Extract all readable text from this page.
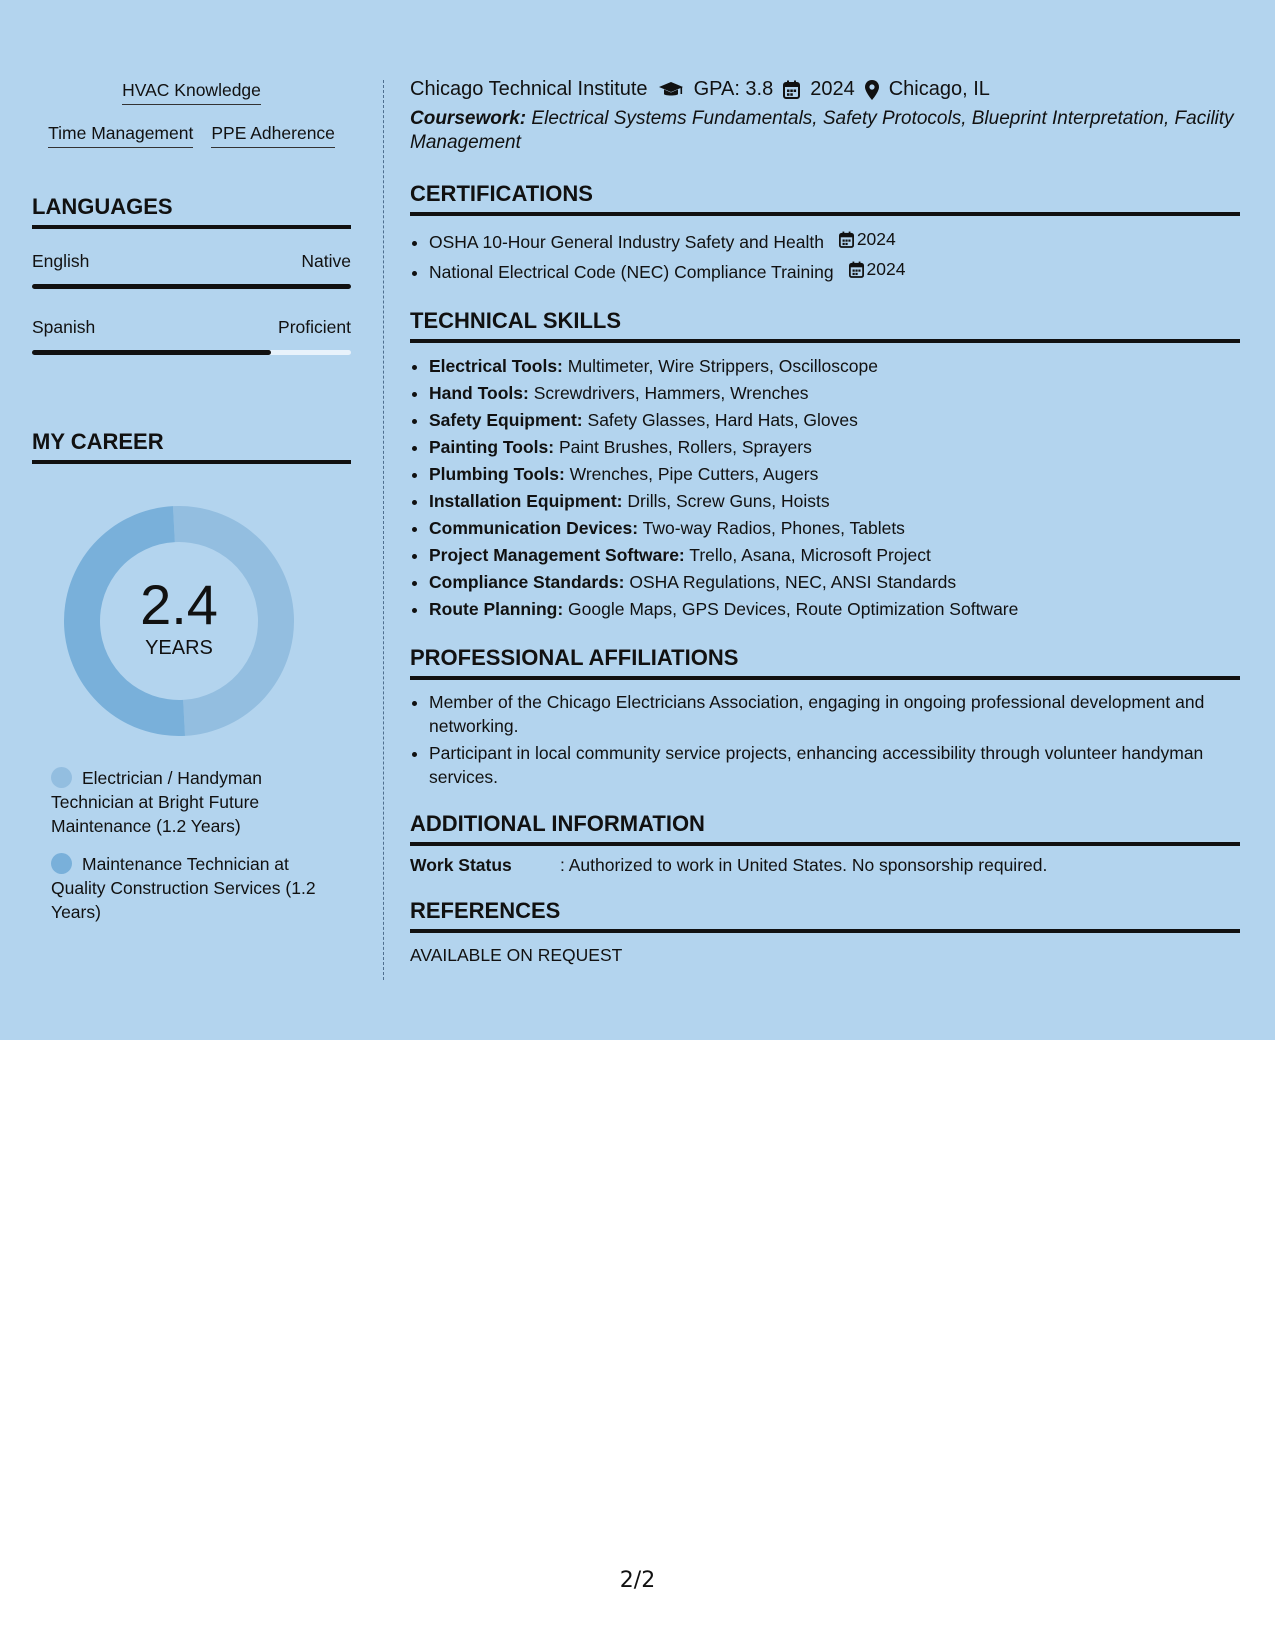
HVAC Knowledge
Time Management PPE Adherence
LANGUAGES
English	Native
Spanish	Proficient
MY CAREER
2.4
YEARS
Electrician / Handyman Technician at Bright Future Maintenance (1.2 Years)
Maintenance Technician at Quality Construction Services (1.2 Years)
Chicago Technical Institute GPA: 3.8 2024 Chicago, IL
Coursework: Electrical Systems Fundamentals, Safety Protocols, Blueprint Interpretation, Facility Management
CERTIFICATIONS
• OSHA 10-Hour General Industry Safety and Health 2024
• National Electrical Code (NEC) Compliance Training 2024
TECHNICAL SKILLS
• Electrical Tools: Multimeter, Wire Strippers, Oscilloscope
• Hand Tools: Screwdrivers, Hammers, Wrenches
• Safety Equipment: Safety Glasses, Hard Hats, Gloves
• Painting Tools: Paint Brushes, Rollers, Sprayers
• Plumbing Tools: Wrenches, Pipe Cutters, Augers
• Installation Equipment: Drills, Screw Guns, Hoists
• Communication Devices: Two-way Radios, Phones, Tablets
• Project Management Software: Trello, Asana, Microsoft Project
• Compliance Standards: OSHA Regulations, NEC, ANSI Standards
• Route Planning: Google Maps, GPS Devices, Route Optimization Software
PROFESSIONAL AFFILIATIONS
• Member of the Chicago Electricians Association, engaging in ongoing professional development and networking.
• Participant in local community service projects, enhancing accessibility through volunteer handyman services.
ADDITIONAL INFORMATION
Work Status	: Authorized to work in United States. No sponsorship required.
REFERENCES
AVAILABLE ON REQUEST
2/2
